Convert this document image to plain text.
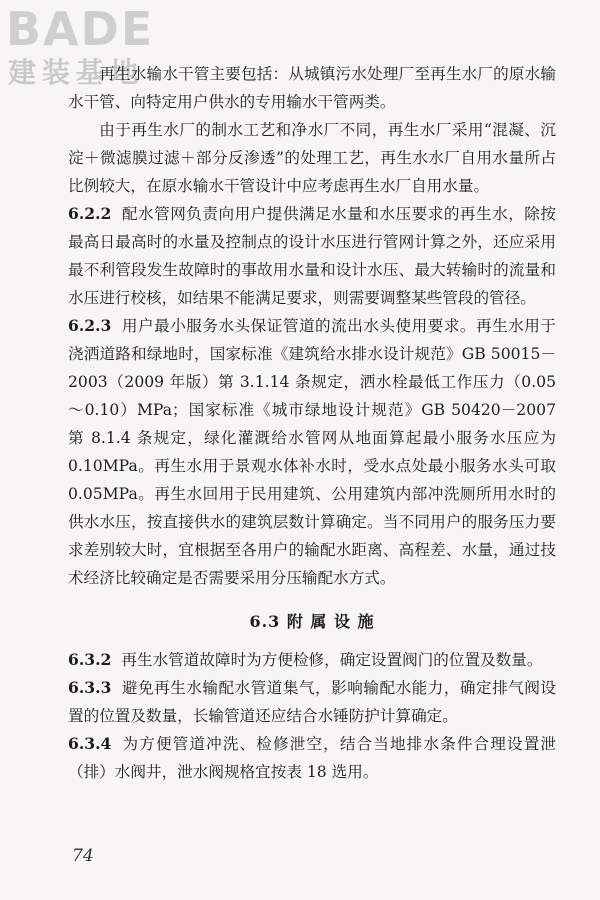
BADE
建装基地

再生水输水干管主要包括：从城镇污水处理厂至再生水厂的原水输水干管、向特定用户供水的专用输水干管两类。

由于再生水厂的制水工艺和净水厂不同，再生水厂采用“混凝、沉淀＋微滤膜过滤＋部分反渗透”的处理工艺，再生水水厂自用水量所占比例较大，在原水输水干管设计中应考虑再生水厂自用水量。

6.2.2 配水管网负责向用户提供满足水量和水压要求的再生水，除按最高日最高时的水量及控制点的设计水压进行管网计算之外，还应采用最不利管段发生故障时的事故用水量和设计水压、最大转输时的流量和水压进行校核，如结果不能满足要求，则需要调整某些管段的管径。

6.2.3 用户最小服务水头保证管道的流出水头使用要求。再生水用于浇洒道路和绿地时，国家标准《建筑给水排水设计规范》GB 50015－2003（2009 年版）第 3.1.14 条规定，洒水栓最低工作压力（0.05～0.10）MPa；国家标准《城市绿地设计规范》GB 50420－2007 第 8.1.4 条规定，绿化灌溉给水管网从地面算起最小服务水压应为 0.10MPa。再生水用于景观水体补水时，受水点处最小服务水头可取 0.05MPa。再生水回用于民用建筑、公用建筑内部冲洗厕所用水时的供水水压，按直接供水的建筑层数计算确定。当不同用户的服务压力要求差别较大时，宜根据至各用户的输配水距离、高程差、水量，通过技术经济比较确定是否需要采用分压输配水方式。

6.3 附 属 设 施

6.3.2 再生水管道故障时为方便检修，确定设置阀门的位置及数量。

6.3.3 避免再生水输配水管道集气，影响输配水能力，确定排气阀设置的位置及数量，长输管道还应结合水锤防护计算确定。

6.3.4 为方便管道冲洗、检修泄空，结合当地排水条件合理设置泄（排）水阀井，泄水阀规格宜按表 18 选用。

74
